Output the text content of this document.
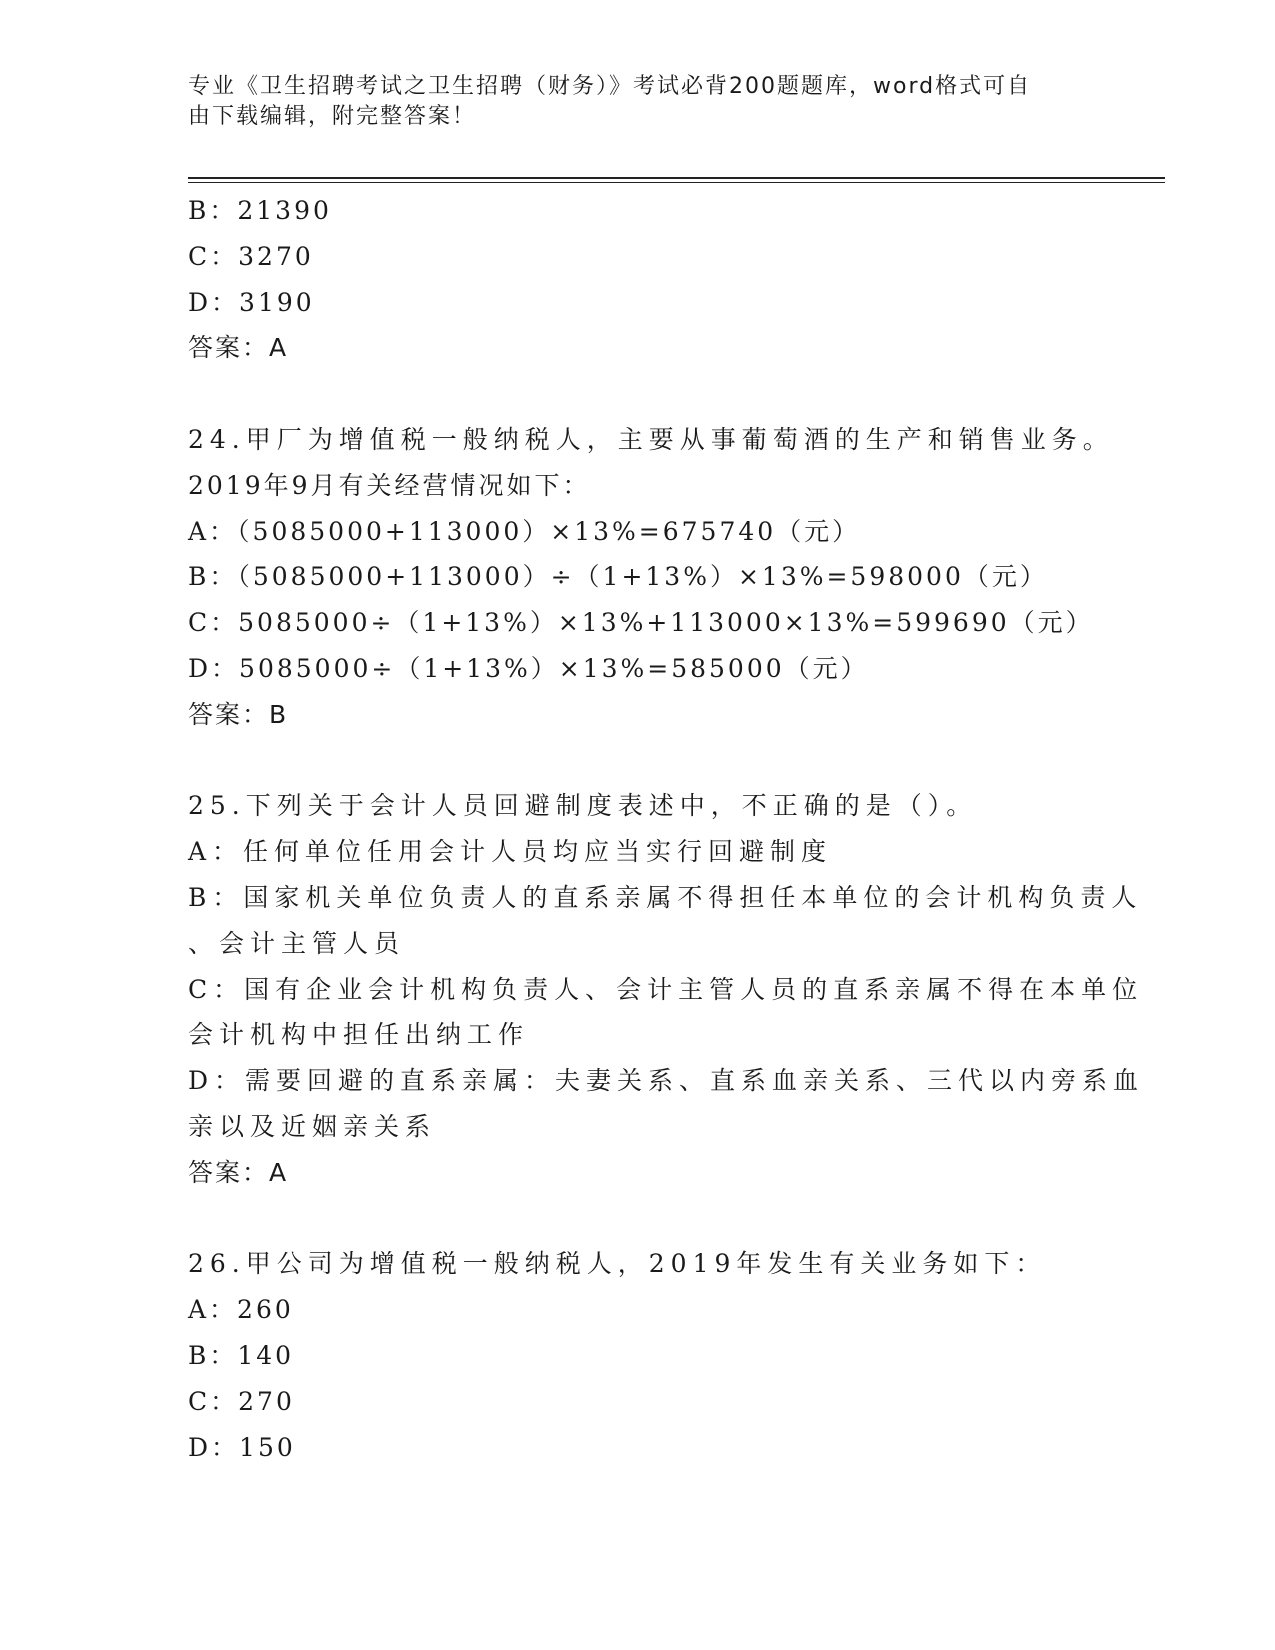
专业《卫生招聘考试之卫生招聘（财务）》考试必背200题题库，word格式可自
由下载编辑，附完整答案！
B：21390
C：3270
D：3190
答案：A
24.甲厂为增值税一般纳税人，主要从事葡萄酒的生产和销售业务。
2019年9月有关经营情况如下：
A：（5085000+113000）×13%=675740（元）
B：（5085000+113000）÷（1+13%）×13%=598000（元）
C：5085000÷（1+13%）×13%+113000×13%=599690（元）
D：5085000÷（1+13%）×13%=585000（元）
答案：B
25.下列关于会计人员回避制度表述中，不正确的是（）。
A：任何单位任用会计人员均应当实行回避制度
B：国家机关单位负责人的直系亲属不得担任本单位的会计机构负责人
、会计主管人员
C：国有企业会计机构负责人、会计主管人员的直系亲属不得在本单位
会计机构中担任出纳工作
D：需要回避的直系亲属：夫妻关系、直系血亲关系、三代以内旁系血
亲以及近姻亲关系
答案：A
26.甲公司为增值税一般纳税人，2019年发生有关业务如下：
A：260
B：140
C：270
D：150
